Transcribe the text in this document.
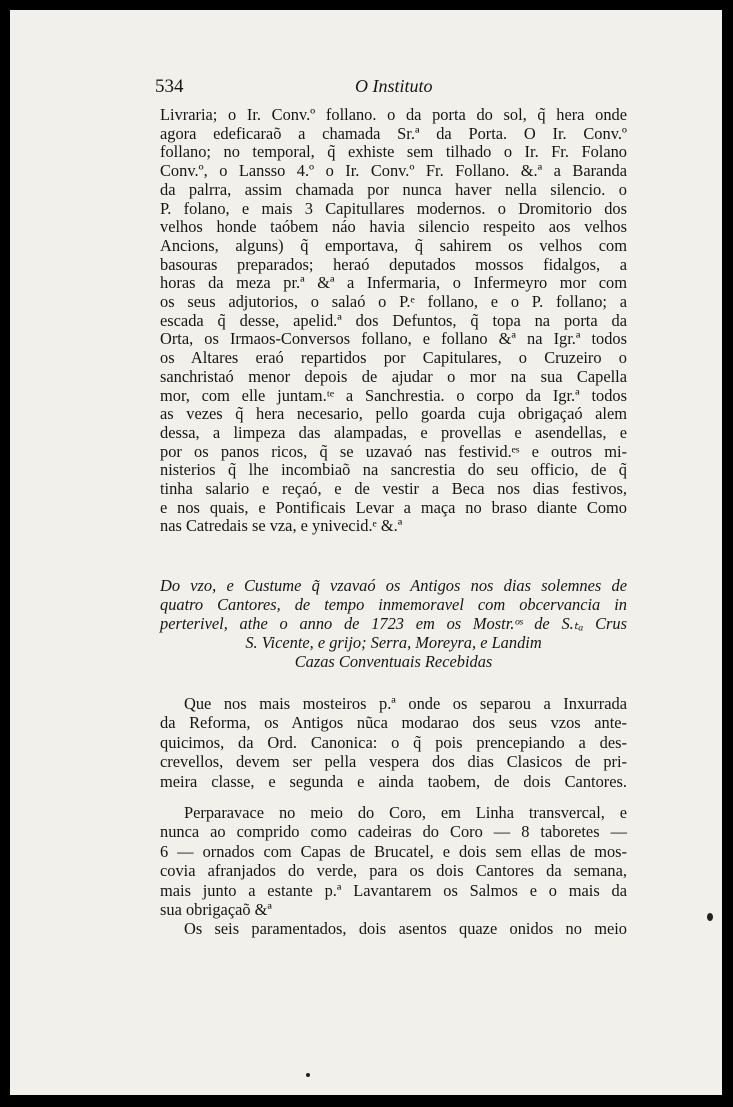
534	O Instituto
Livraria; o Ir. Conv.º follano. o da porta do sol, q̃ hera onde
agora edeficaraõ a chamada Sr.ª da Porta. O Ir. Conv.º
follano; no temporal, q̃ exhiste sem tilhado o Ir. Fr. Folano
Conv.º, o Lansso 4.º o Ir. Conv.º Fr. Follano. &.ª a Baranda
da palrra, assim chamada por nunca haver nella silencio. o
P. folano, e mais 3 Capitullares modernos. o Dromitorio dos
velhos honde taóbem náo havia silencio respeito aos velhos
Ancions, alguns) q̃ emportava, q̃ sahirem os velhos com
basouras preparados; heraó deputados mossos fidalgos, a
horas da meza pr.ª &ª a Infermaria, o Infermeyro mor com
os seus adjutorios, o salaó o P.ᵉ follano, e o P. follano; a
escada q̃ desse, apelid.ª dos Defuntos, q̃ topa na porta da
Orta, os Irmaos-Conversos follano, e follano &ª na Igr.ª todos
os Altares eraó repartidos por Capitulares, o Cruzeiro o
sanchristaó menor depois de ajudar o mor na sua Capella
mor, com elle juntam.ᵗᵉ a Sanchrestia. o corpo da Igr.ª todos
as vezes q̃ hera necesario, pello goarda cuja obrigaçaó alem
dessa, a limpeza das alampadas, e provellas e asendellas, e
por os panos ricos, q̃ se uzavaó nas festivid.ᵉˢ e outros mi-
nisterios q̃ lhe incombiaõ na sancrestia do seu officio, de q̃
tinha salario e reçaó, e de vestir a Beca nos dias festivos,
e nos quais, e Pontificais Levar a maça no braso diante Como
nas Catredais se vza, e ynivecid.ᵉ &.ª
Do vzo, e Custume q̃ vzavaó os Antigos nos dias solemnes de
quatro Cantores, de tempo inmemoravel com obcervancia in
perterivel, athe o anno de 1723 em os Mostr.ᵒˢ de S.ₜₐ Crus
S. Vicente, e grijo; Serra, Moreyra, e Landim
Cazas Conventuais Recebidas
Que nos mais mosteiros p.ª onde os separou a Inxurrada
da Reforma, os Antigos nũca modarao dos seus vzos ante-
quicimos, da Ord. Canonica: o q̃ pois prencepiando a des-
crevellos, devem ser pella vespera dos dias Clasicos de pri-
meira classe, e segunda e ainda taobem, de dois Cantores.
Perparavace no meio do Coro, em Linha transvercal, e
nunca ao comprido como cadeiras do Coro — 8 taboretes —
6 — ornados com Capas de Brucatel, e dois sem ellas de mos-
covia afranjados do verde, para os dois Cantores da semana,
mais junto a estante p.ª Lavantarem os Salmos e o mais da
sua obrigaçaõ &ª
Os seis paramentados, dois asentos quaze onidos no meio
